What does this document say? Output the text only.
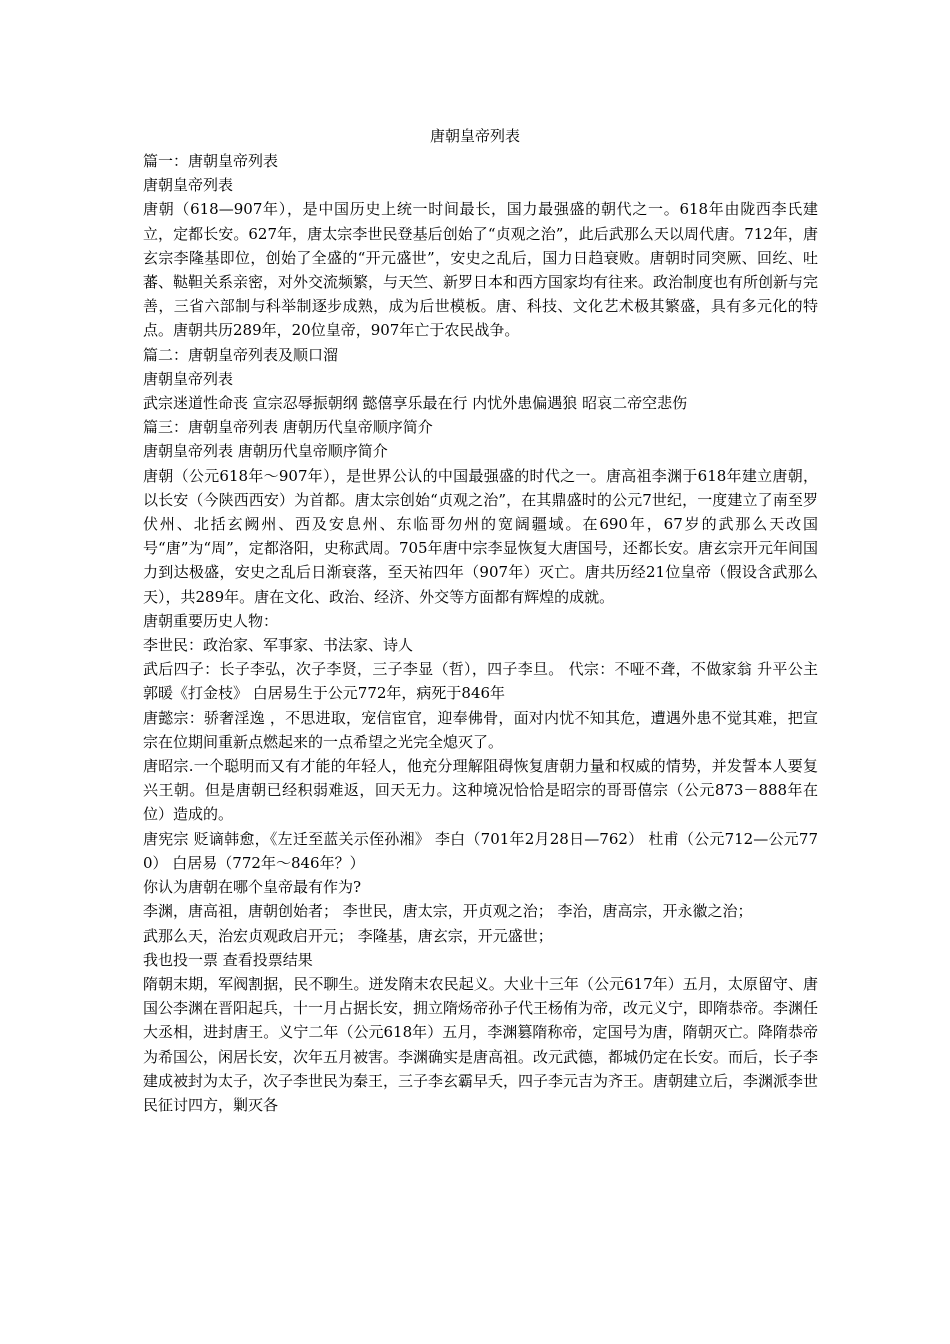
唐朝皇帝列表

篇一：唐朝皇帝列表

唐朝皇帝列表

唐朝（618—907年），是中国历史上统一时间最长，国力最强盛的朝代之一。618年由陇西李氏建立，定都长安。627年，唐太宗李世民登基后创始了“贞观之治”，此后武那么天以周代唐。712年，唐玄宗李隆基即位，创始了全盛的“开元盛世”，安史之乱后，国力日趋衰败。唐朝时同突厥、回纥、吐蕃、鞑靼关系亲密，对外交流频繁，与天竺、新罗日本和西方国家均有往来。政治制度也有所创新与完善，三省六部制与科举制逐步成熟，成为后世模板。唐、科技、文化艺术极其繁盛，具有多元化的特点。唐朝共历289年，20位皇帝，907年亡于农民战争。

篇二：唐朝皇帝列表及顺口溜

唐朝皇帝列表

武宗迷道性命丧 宣宗忍辱振朝纲 懿僖享乐最在行 内忧外患偏遇狼 昭哀二帝空悲伤

篇三：唐朝皇帝列表 唐朝历代皇帝顺序简介

唐朝皇帝列表 唐朝历代皇帝顺序简介

唐朝（公元618年～907年），是世界公认的中国最强盛的时代之一。唐高祖李渊于618年建立唐朝，以长安（今陕西西安）为首都。唐太宗创始“贞观之治”，在其鼎盛时的公元7世纪，一度建立了南至罗伏州、北括玄阙州、西及安息州、东临哥勿州的宽阔疆域。在690年，67岁的武那么天改国号“唐”为“周”，定都洛阳，史称武周。705年唐中宗李显恢复大唐国号，还都长安。唐玄宗开元年间国力到达极盛，安史之乱后日渐衰落，至天祐四年（907年）灭亡。唐共历经21位皇帝（假设含武那么天），共289年。唐在文化、政治、经济、外交等方面都有辉煌的成就。

唐朝重要历史人物：

李世民：政治家、军事家、书法家、诗人

武后四子：长子李弘，次子李贤，三子李显（哲），四子李旦。 代宗：不哑不聋，不做家翁 升平公主郭暖《打金枝》 白居易生于公元772年，病死于846年

唐懿宗：骄奢淫逸 ，不思进取，宠信宦官，迎奉佛骨，面对内忧不知其危，遭遇外患不觉其难，把宣宗在位期间重新点燃起来的一点希望之光完全熄灭了。

唐昭宗.一个聪明而又有才能的年轻人，他充分理解阻碍恢复唐朝力量和权威的情势，并发誓本人要复兴王朝。但是唐朝已经积弱难返，回天无力。这种境况恰恰是昭宗的哥哥僖宗（公元873－888年在位）造成的。

唐宪宗 贬谪韩愈，《左迁至蓝关示侄孙湘》 李白（701年2月28日—762） 杜甫（公元712—公元770） 白居易（772年～846年？）

你认为唐朝在哪个皇帝最有作为?

李渊，唐高祖，唐朝创始者； 李世民，唐太宗，开贞观之治； 李治，唐高宗，开永徽之治；

武那么天，治宏贞观政启开元； 李隆基，唐玄宗，开元盛世；

我也投一票 查看投票结果

隋朝末期，军阀割据，民不聊生。迸发隋末农民起义。大业十三年（公元617年）五月，太原留守、唐国公李渊在晋阳起兵，十一月占据长安，拥立隋炀帝孙子代王杨侑为帝，改元义宁，即隋恭帝。李渊任大丞相，进封唐王。义宁二年（公元618年）五月，李渊篡隋称帝，定国号为唐，隋朝灭亡。降隋恭帝为希国公，闲居长安，次年五月被害。李渊确实是唐高祖。改元武德，都城仍定在长安。而后，长子李建成被封为太子，次子李世民为秦王，三子李玄霸早夭，四子李元吉为齐王。唐朝建立后，李渊派李世民征讨四方，剿灭各
